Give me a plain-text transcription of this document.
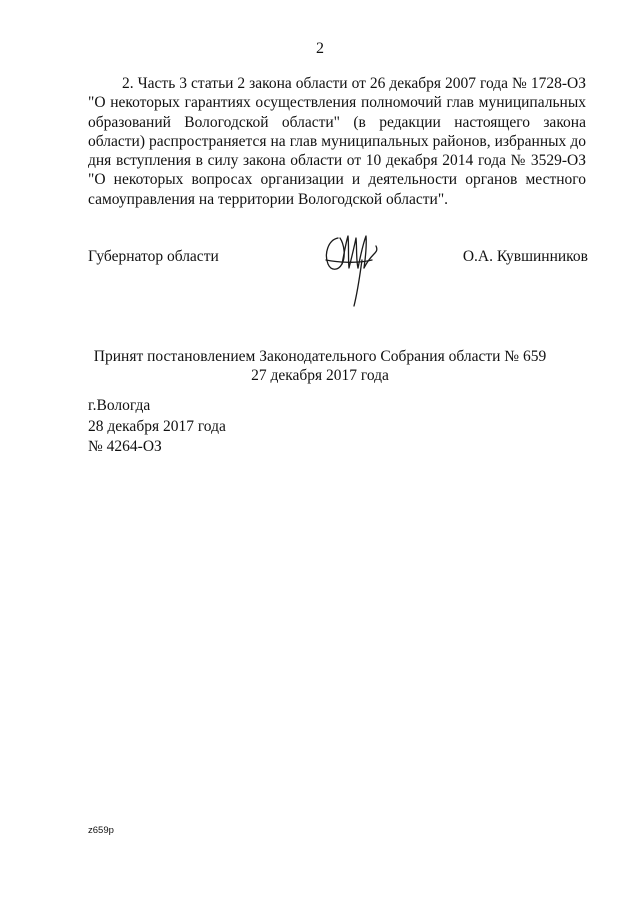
2

2. Часть 3 статьи 2 закона области от 26 декабря 2007 года № 1728-ОЗ "О некоторых гарантиях осуществления полномочий глав муниципальных образований Вологодской области" (в редакции настоящего закона области) распространяется на глав муниципальных районов, избранных до дня вступления в силу закона области от 10 декабря 2014 года № 3529-ОЗ "О некоторых вопросах организации и деятельности органов местного самоуправления на территории Вологодской области".

Губернатор области	О.А. Кувшинников
Принят постановлением Законодательного Собрания области № 659
27 декабря 2017 года
г.Вологда
28 декабря 2017 года
№ 4264-ОЗ
z659p
